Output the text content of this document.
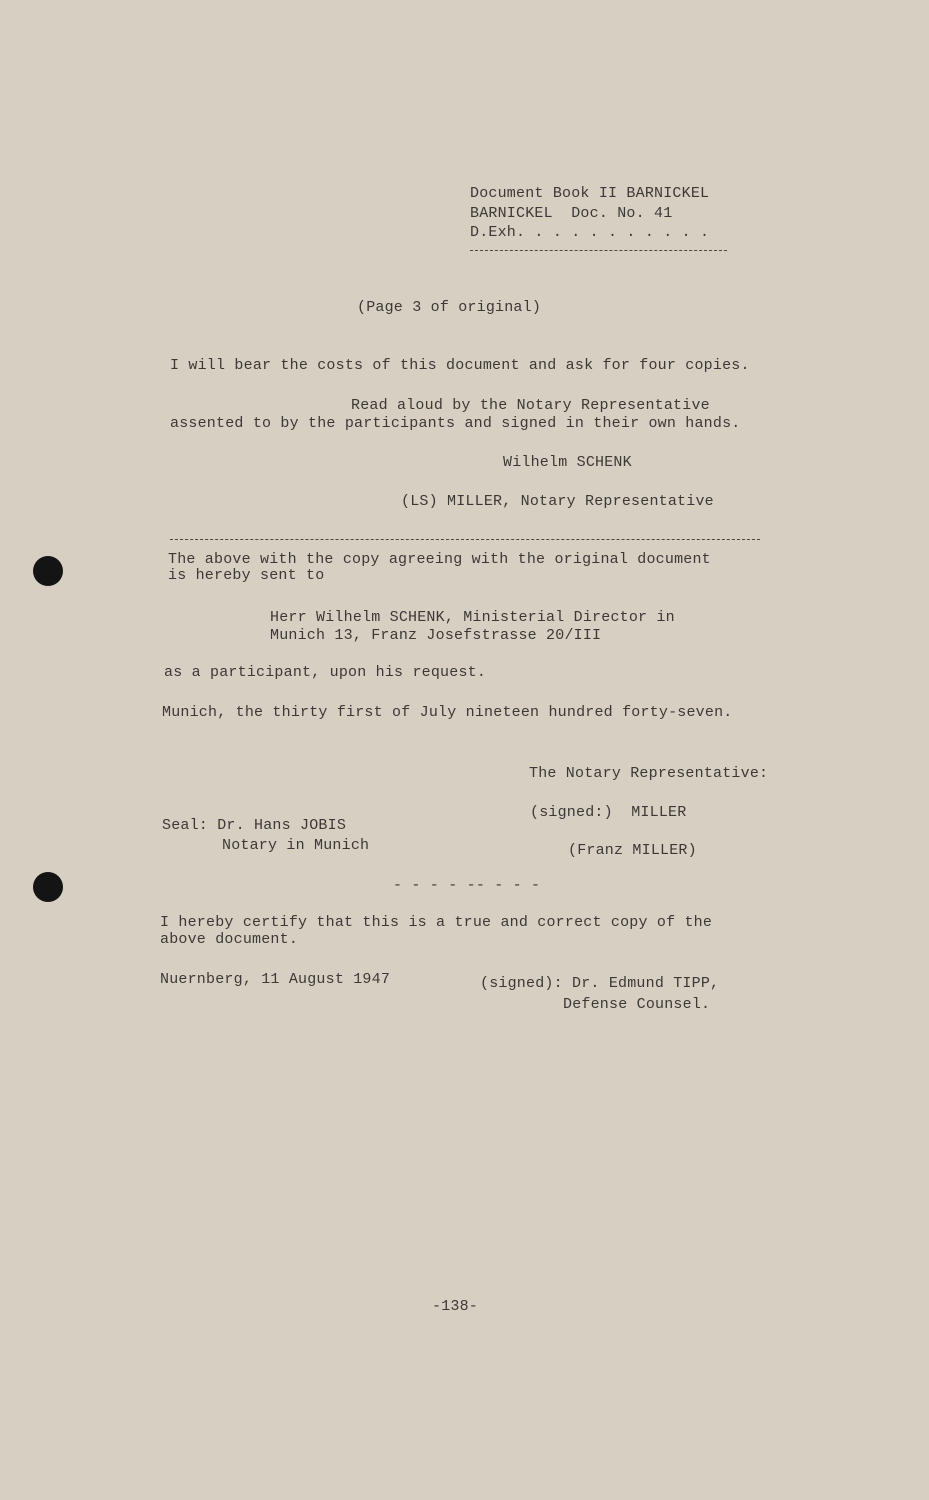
Document Book II BARNICKEL
BARNICKEL  Doc. No. 41
D.Exh. . . . . . . . . . .
(Page 3 of original)
I will bear the costs of this document and ask for four copies.
Read aloud by the Notary Representative
assented to by the participants and signed in their own hands.
Wilhelm SCHENK
(LS) MILLER, Notary Representative
The above with the copy agreeing with the original document
is hereby sent to
Herr Wilhelm SCHENK, Ministerial Director in
Munich 13, Franz Josefstrasse 20/III
as a participant, upon his request.
Munich, the thirty first of July nineteen hundred forty-seven.
The Notary Representative:
(signed:)  MILLER
Seal: Dr. Hans JOBIS
Notary in Munich	(Franz MILLER)
- - - - -- - - -
I hereby certify that this is a true and correct copy of the
above document.
Nuernberg, 11 August 1947	(signed): Dr. Edmund TIPP,
Defense Counsel.
-138-
